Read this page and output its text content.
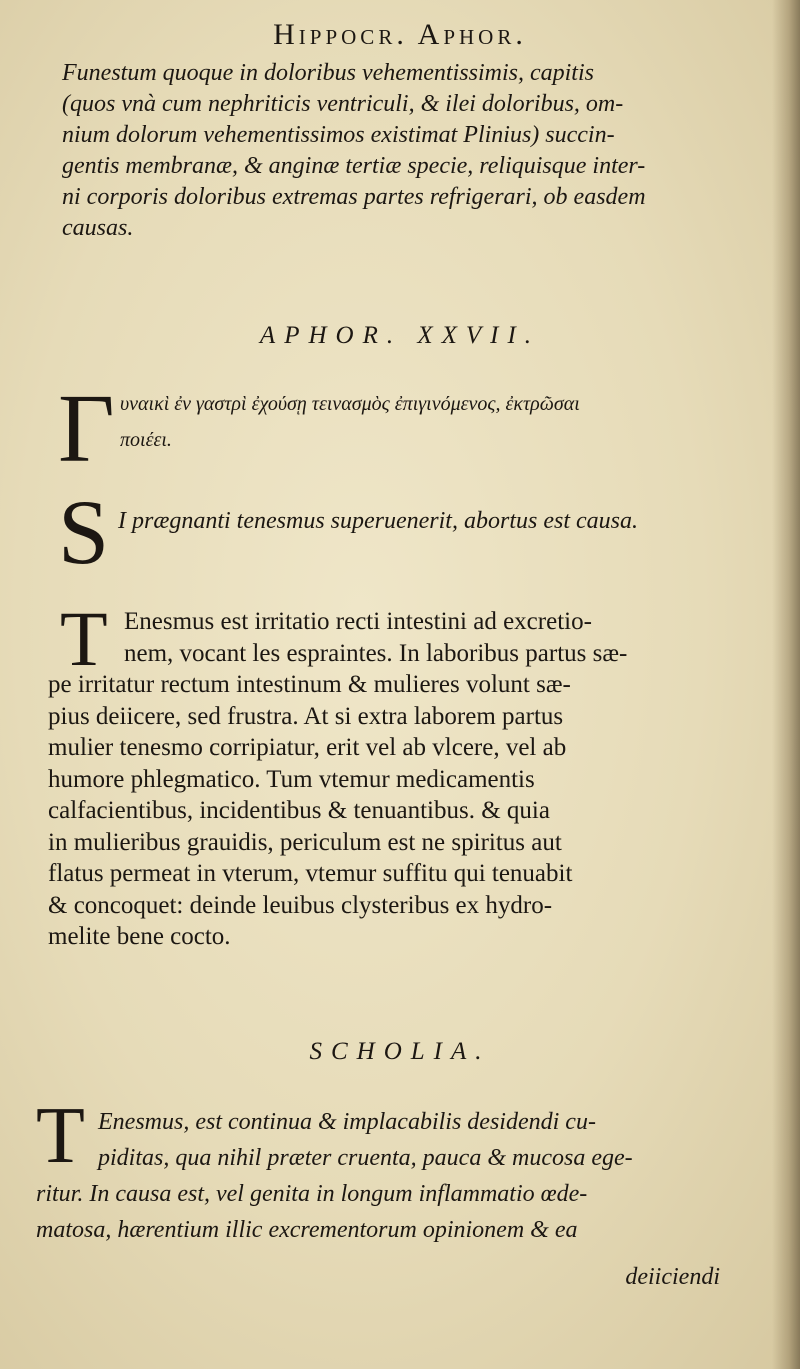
Hippocr. Aphor.
Funestum quoque in doloribus vehementissimis, capitis
(quos vnà cum nephriticis ventriculi, & ilei doloribus, om-
nium dolorum vehementissimos existimat Plinius) succin-
gentis membranæ, & anginæ tertiæ specie, reliquisque inter-
ni corporis doloribus extremas partes refrigerari, ob easdem
causas.
APHOR. XXVII.
Γ υναικὶ ἐν γαστρὶ ἐχούσῃ τεινασμὸς ἐπιγινόμενος, ἐκτρῶσαι
ποιέει.
S I prægnanti tenesmus superuenerit, abortus est causa.
T Enesmus est irritatio recti intestini ad excretio-
nem, vocant les espraintes. In laboribus partus sæ-
pe irritatur rectum intestinum & mulieres volunt sæ-
pius deiicere, sed frustra. At si extra laborem partus
mulier tenesmo corripiatur, erit vel ab vlcere, vel ab
humore phlegmatico. Tum vtemur medicamentis
calfacientibus, incidentibus & tenuantibus. & quia
in mulieribus grauidis, periculum est ne spiritus aut
flatus permeat in vterum, vtemur suffitu qui tenuabit
& concoquet: deinde leuibus clysteribus ex hydro-
melite bene cocto.
SCHOLIA.
T Enesmus, est continua & implacabilis desidendi cu-
piditas, qua nihil præter cruenta, pauca & mucosa ege-
ritur. In causa est, vel genita in longum inflammatio œde-
matosa, hærentium illic excrementorum opinionem & ea
deiiciendi
